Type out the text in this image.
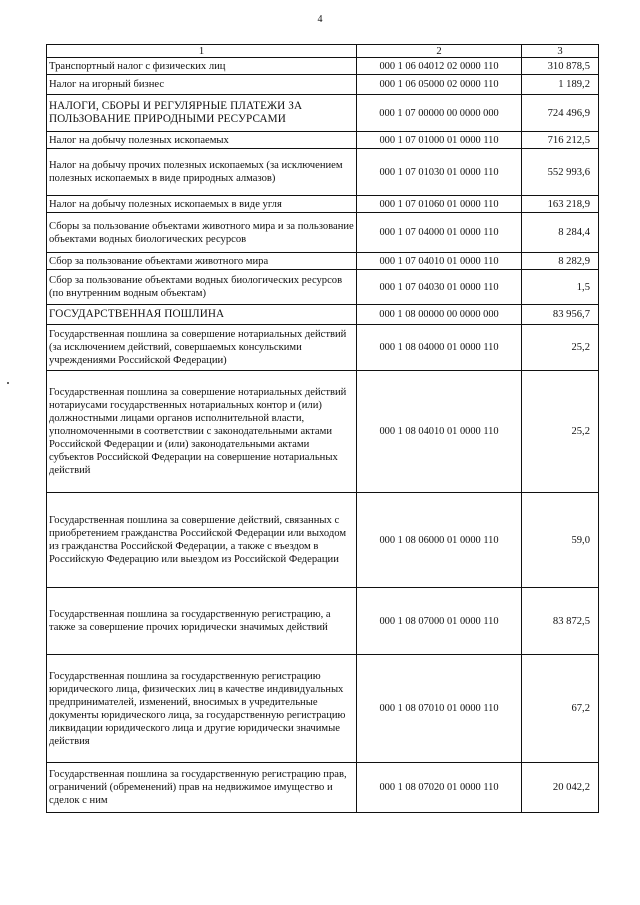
4
1	2	3
Транспортный налог с физических лиц	000 1 06 04012 02 0000 110	310 878,5
Налог на игорный бизнес	000 1 06 05000 02 0000 110	1 189,2
НАЛОГИ, СБОРЫ И РЕГУЛЯРНЫЕ ПЛАТЕЖИ ЗА ПОЛЬЗОВАНИЕ ПРИРОДНЫМИ РЕСУРСАМИ	000 1 07 00000 00 0000 000	724 496,9
Налог на добычу полезных ископаемых	000 1 07 01000 01 0000 110	716 212,5
Налог на добычу прочих полезных ископаемых (за исключением полезных ископаемых в виде природных алмазов)	000 1 07 01030 01 0000 110	552 993,6
Налог на добычу полезных ископаемых в виде угля	000 1 07 01060 01 0000 110	163 218,9
Сборы за пользование объектами животного мира и за пользование объектами водных биологических ресурсов	000 1 07 04000 01 0000 110	8 284,4
Сбор за пользование объектами животного мира	000 1 07 04010 01 0000 110	8 282,9
Сбор за пользование объектами водных биологических ресурсов (по внутренним водным объектам)	000 1 07 04030 01 0000 110	1,5
ГОСУДАРСТВЕННАЯ ПОШЛИНА	000 1 08 00000 00 0000 000	83 956,7
Государственная пошлина за совершение нотариальных действий (за исключением действий, совершаемых консульскими учреждениями Российской Федерации)	000 1 08 04000 01 0000 110	25,2
Государственная пошлина за совершение нотариальных действий нотариусами государственных нотариальных контор и (или) должностными лицами органов исполнительной власти, уполномоченными в соответствии с законодательными актами Российской Федерации и (или) законодательными актами субъектов Российской Федерации на совершение нотариальных действий	000 1 08 04010 01 0000 110	25,2
Государственная пошлина за совершение действий, связанных с приобретением гражданства Российской Федерации или выходом из гражданства Российской Федерации, а также с въездом в Российскую Федерацию или выездом из Российской Федерации	000 1 08 06000 01 0000 110	59,0
Государственная пошлина за государственную регистрацию, а также за совершение прочих юридически значимых действий	000 1 08 07000 01 0000 110	83 872,5
Государственная пошлина за государственную регистрацию юридического лица, физических лиц в качестве индивидуальных предпринимателей, изменений, вносимых в учредительные документы юридического лица, за государственную регистрацию ликвидации юридического лица и другие юридически значимые действия	000 1 08 07010 01 0000 110	67,2
Государственная пошлина за государственную регистрацию прав, ограничений (обременений) прав на недвижимое имущество и сделок с ним	000 1 08 07020 01 0000 110	20 042,2
